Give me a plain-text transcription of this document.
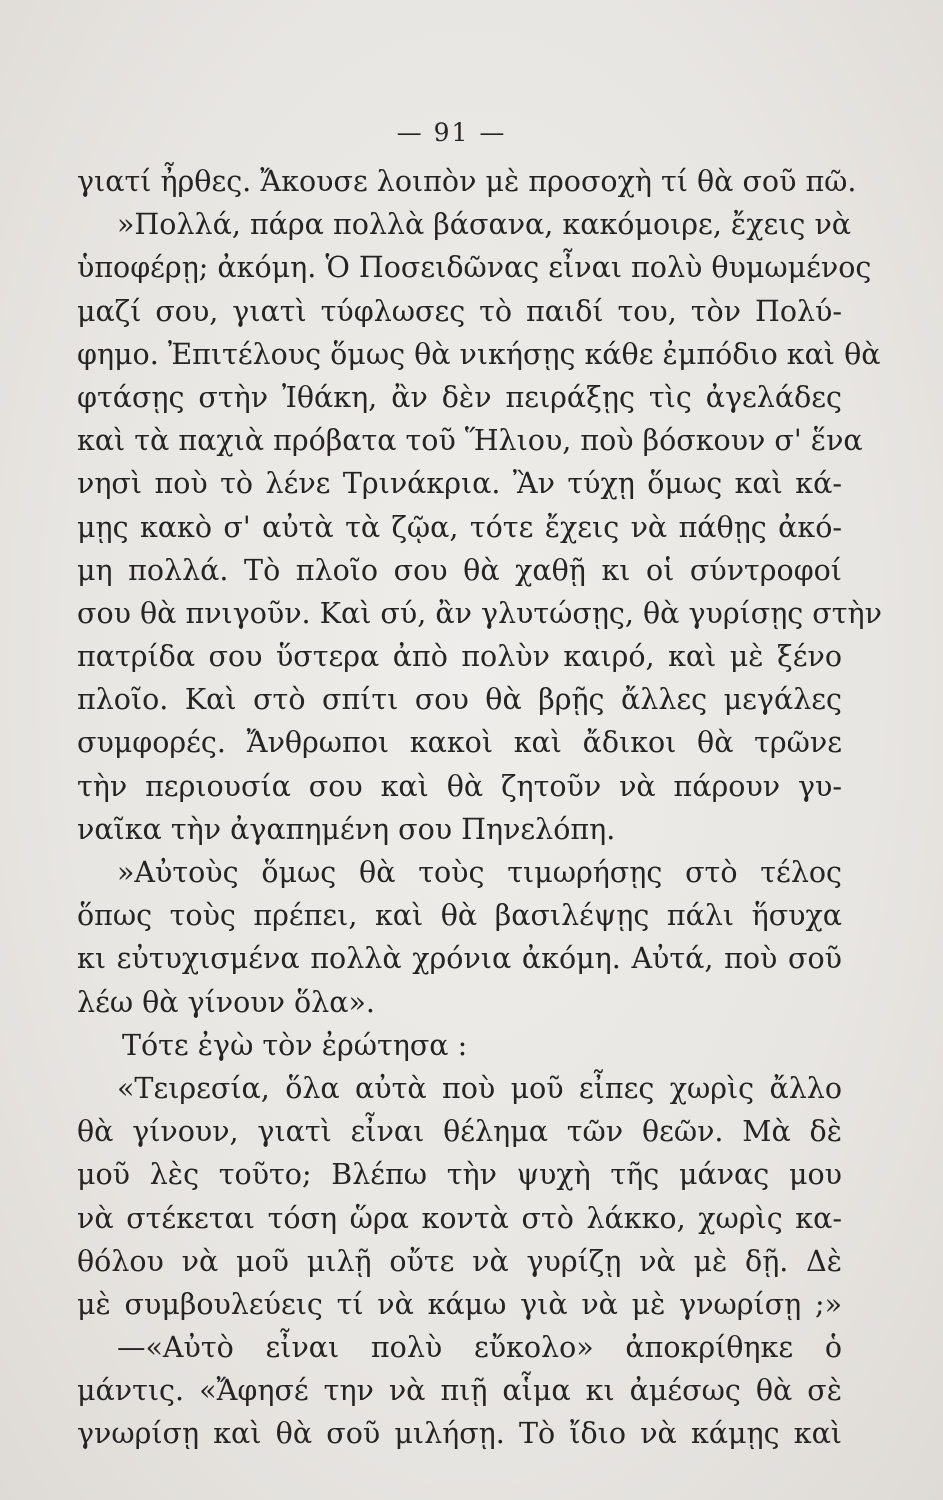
— 91 —
γιατί ἦρθες. Ἄκουσε λοιπὸν μὲ προσοχὴ τί θὰ σοῦ πῶ.
»Πολλά, πάρα πολλὰ βάσανα, κακόμοιρε, ἔχεις νὰ
ὑποφέρῃ; ἀκόμη. Ὁ Ποσειδῶνας εἶναι πολὺ θυμωμένος
μαζί σου, γιατὶ τύφλωσες τὸ παιδί του, τὸν Πολύ-
φημο. Ἐπιτέλους ὅμως θὰ νικήσῃς κάθε ἐμπόδιο καὶ θὰ
φτάσῃς στὴν Ἰθάκη, ἂν δὲν πειράξῃς τὶς ἀγελάδες
καὶ τὰ παχιὰ πρόβατα τοῦ Ἥλιου, ποὺ βόσκουν σ' ἕνα
νησὶ ποὺ τὸ λένε Τρινάκρια. Ἂν τύχῃ ὅμως καὶ κά-
μῃς κακὸ σ' αὐτὰ τὰ ζῷα, τότε ἔχεις νὰ πάθῃς ἀκό-
μη πολλά. Τὸ πλοῖο σου θὰ χαθῇ κι οἱ σύντροφοί
σου θὰ πνιγοῦν. Καὶ σύ, ἂν γλυτώσῃς, θὰ γυρίσῃς στὴν
πατρίδα σου ὕστερα ἀπὸ πολὺν καιρό, καὶ μὲ ξένο
πλοῖο. Καὶ στὸ σπίτι σου θὰ βρῇς ἄλλες μεγάλες
συμφορές. Ἄνθρωποι κακοὶ καὶ ἄδικοι θὰ τρῶνε
τὴν περιουσία σου καὶ θὰ ζητοῦν νὰ πάρουν γυ-
ναῖκα τὴν ἀγαπημένη σου Πηνελόπη.
»Αὐτοὺς ὅμως θὰ τοὺς τιμωρήσῃς στὸ τέλος
ὅπως τοὺς πρέπει, καὶ θὰ βασιλέψῃς πάλι ἥσυχα
κι εὐτυχισμένα πολλὰ χρόνια ἀκόμη. Αὐτά, ποὺ σοῦ
λέω θὰ γίνουν ὅλα».
Τότε ἐγὼ τὸν ἐρώτησα :
«Τειρεσία, ὅλα αὐτὰ ποὺ μοῦ εἶπες χωρὶς ἄλλο
θὰ γίνουν, γιατὶ εἶναι θέλημα τῶν θεῶν. Μὰ δὲ
μοῦ λὲς τοῦτο; Βλέπω τὴν ψυχὴ τῆς μάνας μου
νὰ στέκεται τόση ὥρα κοντὰ στὸ λάκκο, χωρὶς κα-
θόλου νὰ μοῦ μιλῇ οὔτε νὰ γυρίζῃ νὰ μὲ δῇ. Δὲ
μὲ συμβουλεύεις τί νὰ κάμω γιὰ νὰ μὲ γνωρίσῃ ;»
—«Αὐτὸ εἶναι πολὺ εὔκολο» ἀποκρίθηκε ὁ
μάντις. «Ἄφησέ την νὰ πιῇ αἷμα κι ἀμέσως θὰ σὲ
γνωρίσῃ καὶ θὰ σοῦ μιλήσῃ. Τὸ ἴδιο νὰ κάμῃς καὶ
